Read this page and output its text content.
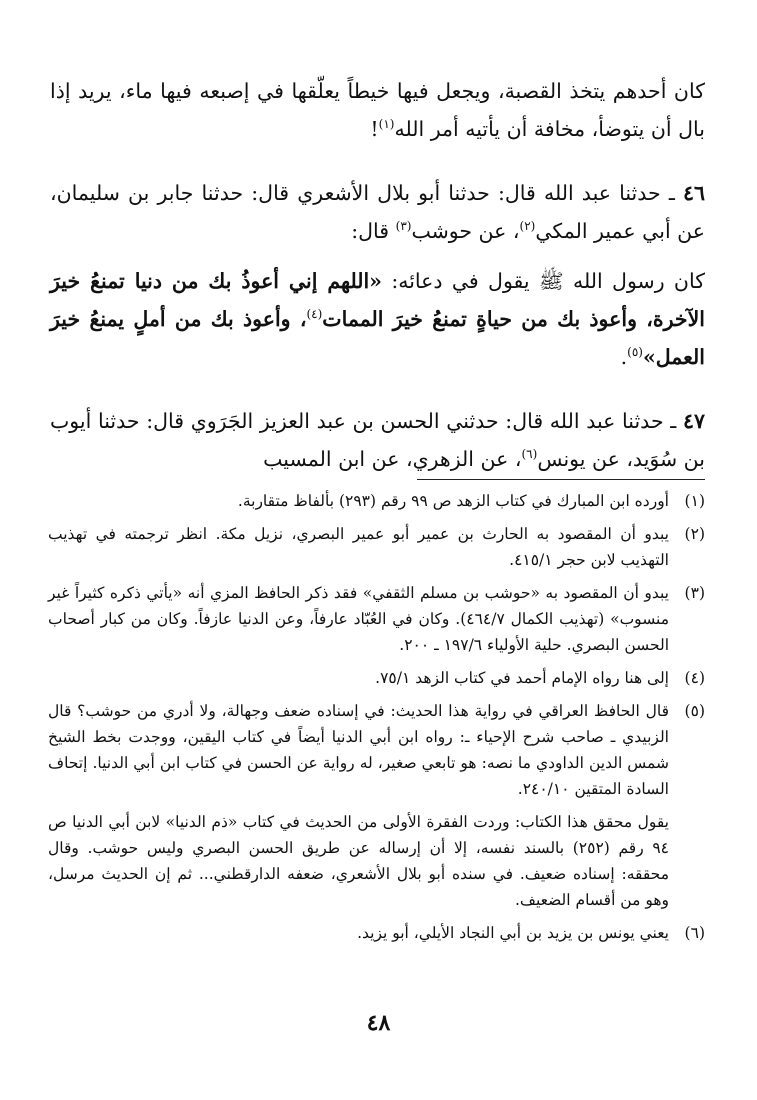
كان أحدهم يتخذ القصبة، ويجعل فيها خيطاً يعلّقها في إصبعه فيها ماء، يريد إذا بال أن يتوضأ، مخافة أن يأتيه أمر الله$^{(١)}$!

٤٦ ـ حدثنا عبد الله قال: حدثنا أبو بلال الأشعري قال: حدثنا جابر بن سليمان، عن أبي عمير المكي$^{(٢)}$، عن حوشب$^{(٣)}$ قال:

كان رسول الله ﷺ يقول في دعائه: «اللهم إني أعوذُ بك من دنيا تمنعُ خيرَ الآخرة، وأعوذ بك من حياةٍ تمنعُ خيرَ الممات$^{(٤)}$، وأعوذ بك من أملٍ يمنعُ خيرَ العمل»$^{(٥)}$.

٤٧ ـ حدثنا عبد الله قال: حدثني الحسن بن عبد العزيز الجَرَوي قال: حدثنا أيوب بن سُوَيد، عن يونس$^{(٦)}$، عن الزهري، عن ابن المسيب

(١)
أورده ابن المبارك في كتاب الزهد ص ٩٩ رقم (٢٩٣) بألفاظ متقاربة.
(٢)
يبدو أن المقصود به الحارث بن عمير أبو عمير البصري، نزيل مكة. انظر ترجمته في تهذيب التهذيب لابن حجر ٤١٥/١.
(٣)
يبدو أن المقصود به «حوشب بن مسلم الثقفي» فقد ذكر الحافظ المزي أنه «يأتي ذكره كثيراً غير منسوب» (تهذيب الكمال ٤٦٤/٧). وكان في العُبّاد عارفاً، وعن الدنيا عازفاً. وكان من كبار أصحاب الحسن البصري. حلية الأولياء ١٩٧/٦ ـ ٢٠٠.
(٤)
إلى هنا رواه الإمام أحمد في كتاب الزهد ٧٥/١.
(٥)
قال الحافظ العراقي في رواية هذا الحديث: في إسناده ضعف وجهالة، ولا أدري من حوشب؟ قال الزبيدي ـ صاحب شرح الإحياء ـ: رواه ابن أبي الدنيا أيضاً في كتاب اليقين، ووجدت بخط الشيخ شمس الدين الداودي ما نصه: هو تابعي صغير، له رواية عن الحسن في كتاب ابن أبي الدنيا. إتحاف السادة المتقين ٢٤٠/١٠.
يقول محقق هذا الكتاب: وردت الفقرة الأولى من الحديث في كتاب «ذم الدنيا» لابن أبي الدنيا ص ٩٤ رقم (٢٥٢) بالسند نفسه، إلا أن إرساله عن طريق الحسن البصري وليس حوشب. وقال محققه: إسناده ضعيف. في سنده أبو بلال الأشعري، ضعفه الدارقطني... ثم إن الحديث مرسل، وهو من أقسام الضعيف.
(٦)
يعني يونس بن يزيد بن أبي النجاد الأيلي، أبو يزيد.
٤٨
